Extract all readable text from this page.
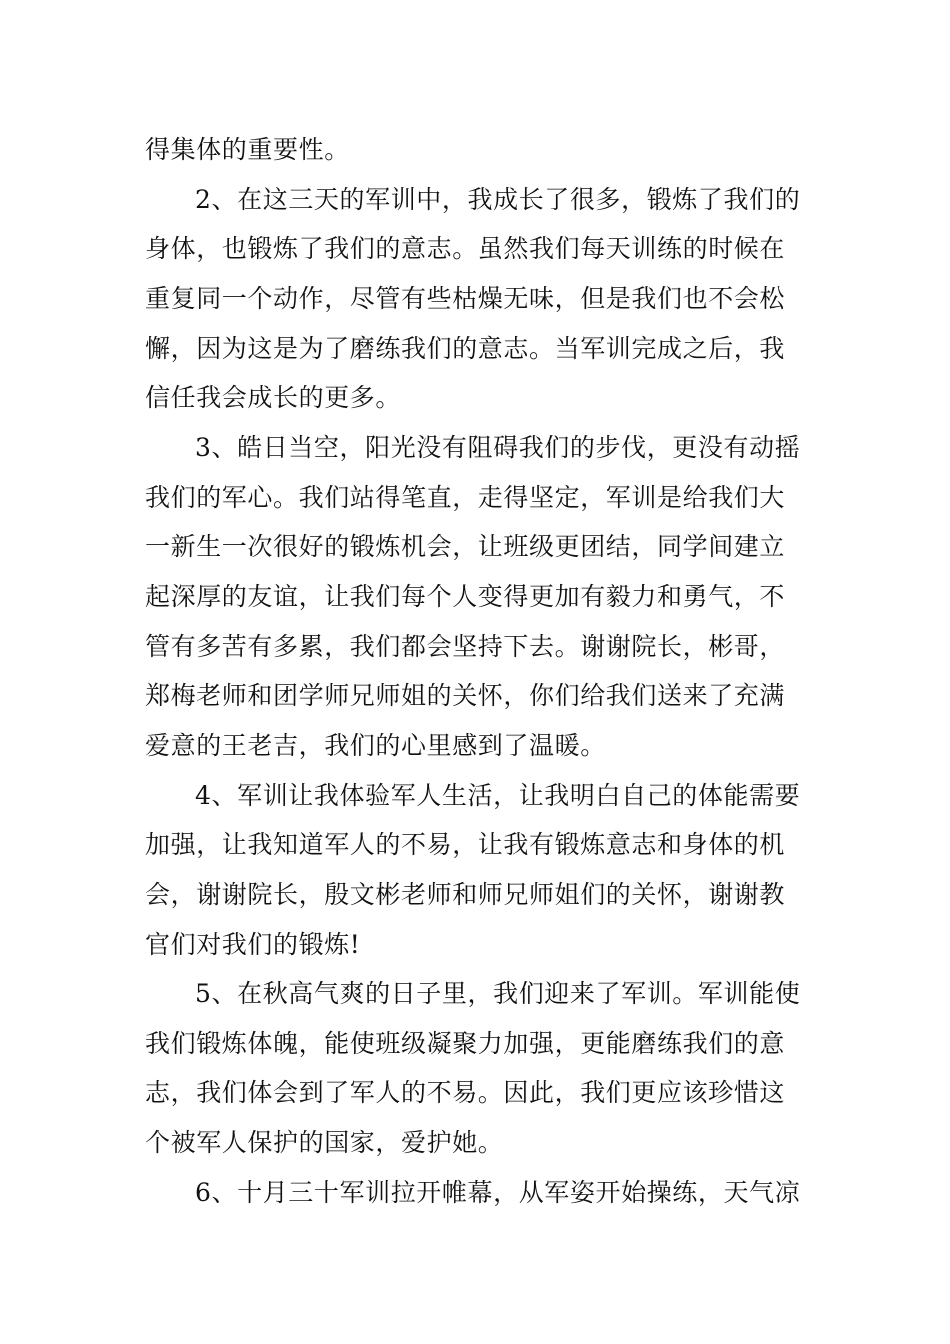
得集体的重要性。

2、在这三天的军训中，我成长了很多，锻炼了我们的

身体，也锻炼了我们的意志。虽然我们每天训练的时候在

重复同一个动作，尽管有些枯燥无味，但是我们也不会松

懈，因为这是为了磨练我们的意志。当军训完成之后，我

信任我会成长的更多。

3、皓日当空，阳光没有阻碍我们的步伐，更没有动摇

我们的军心。我们站得笔直，走得坚定，军训是给我们大

一新生一次很好的锻炼机会，让班级更团结，同学间建立

起深厚的友谊，让我们每个人变得更加有毅力和勇气，不

管有多苦有多累，我们都会坚持下去。谢谢院长，彬哥，

郑梅老师和团学师兄师姐的关怀，你们给我们送来了充满

爱意的王老吉，我们的心里感到了温暖。

4、军训让我体验军人生活，让我明白自己的体能需要

加强，让我知道军人的不易，让我有锻炼意志和身体的机

会，谢谢院长，殷文彬老师和师兄师姐们的关怀，谢谢教

官们对我们的锻炼!

5、在秋高气爽的日子里，我们迎来了军训。军训能使

我们锻炼体魄，能使班级凝聚力加强，更能磨练我们的意

志，我们体会到了军人的不易。因此，我们更应该珍惜这

个被军人保护的国家，爱护她。

6、十月三十军训拉开帷幕，从军姿开始操练，天气凉
